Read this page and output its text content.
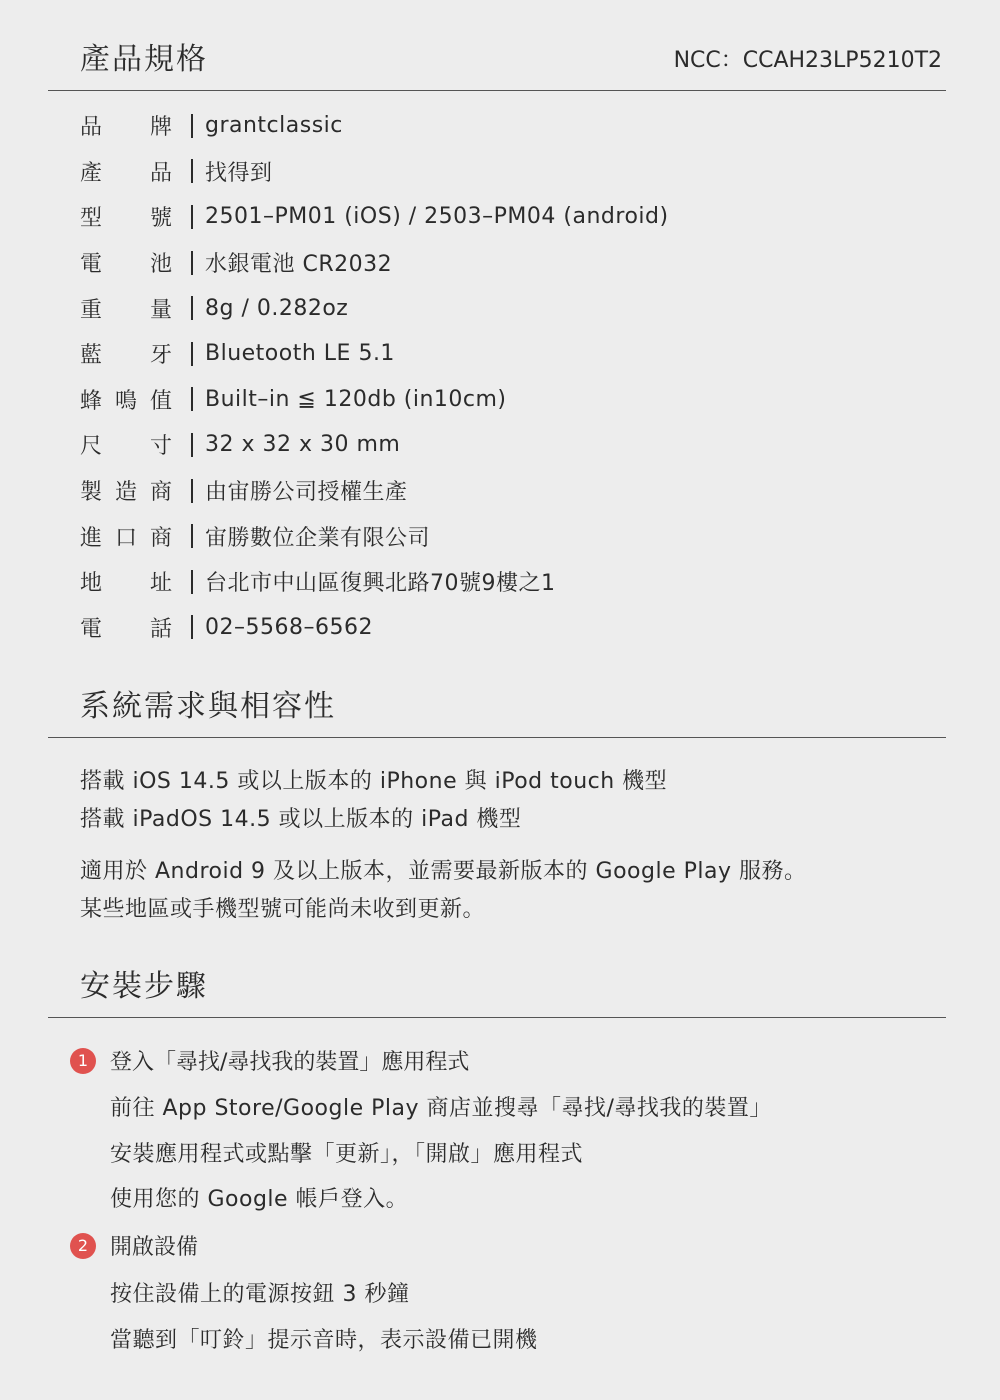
產品規格	NCC：CCAH23LP5210T2
品 牌 grantclassic
產 品 找得到
型 號 2501–PM01 (iOS) / 2503–PM04 (android)
電 池 水銀電池 CR2032
重 量 8g / 0.282oz
藍 牙 Bluetooth LE 5.1
蜂 鳴 值 Built–in ≦ 120db (in10cm)
尺 寸 32 x 32 x 30 mm
製 造 商 由宙勝公司授權生產
進 口 商 宙勝數位企業有限公司
地 址 台北市中山區復興北路70號9樓之1
電 話 02–5568–6562
系統需求與相容性
搭載 iOS 14.5 或以上版本的 iPhone 與 iPod touch 機型
搭載 iPadOS 14.5 或以上版本的 iPad 機型
適用於 Android 9 及以上版本，並需要最新版本的 Google Play 服務。
某些地區或手機型號可能尚未收到更新。
安裝步驟
1 登入「尋找/尋找我的裝置」應用程式
前往 App Store/Google Play 商店並搜尋「尋找/尋找我的裝置」
安裝應用程式或點擊「更新」，「開啟」應用程式
使用您的 Google 帳戶登入。
2 開啟設備
按住設備上的電源按鈕 3 秒鐘
當聽到「叮鈴」提示音時，表示設備已開機
